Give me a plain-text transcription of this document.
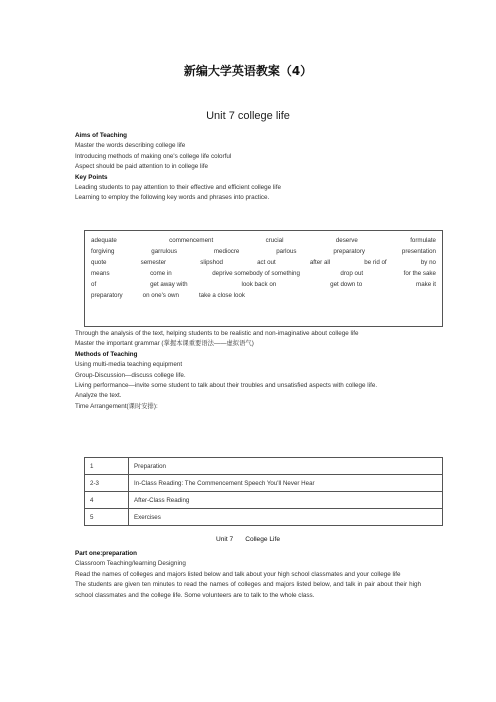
新编大学英语教案（4）
Unit 7 college life

Aims of Teaching

Master the words describing college life

Introducing methods of making one's college life colorful

Aspect should be paid attention to in college life

Key Points

Leading students to pay attention to their effective and efficient college life

Learning to employ the following key words and phrases into practice.

adequate	commencement	crucial	deserve	formulate
forgiving	garrulous	mediocre	parlous	preparatory	presentation
quote	semester	slipshod	act out	after all	be rid of	by no
means	come in	deprive somebody of something	drop out	for the sake
of	get away with	look back on	get down to	make it
preparatory	on one's own	take a close look

Through the analysis of the text, helping students to be realistic and non-imaginative about college life

Master the important grammar (掌握本课重要语法——虚拟语气)

Methods of Teaching

Using multi-media teaching equipment

Group-Discussion—discuss college life.

Living performance—invite some student to talk about their troubles and unsatisfied aspects with college life.

Analyze the text.

Time Arrangement(课时安排):

1	Preparation
2-3	In-Class Reading: The Commencement Speech You'll Never Hear
4	After-Class Reading
5	Exercises
Unit 7 College Life

Part one:preparation

Classroom Teaching/learning Designing

Read the names of colleges and majors listed below and talk about your high school classmates and your college life

The students are given ten minutes to read the names of colleges and majors listed below, and talk in pair about their high school classmates and the college life. Some volunteers are to talk to the whole class.
